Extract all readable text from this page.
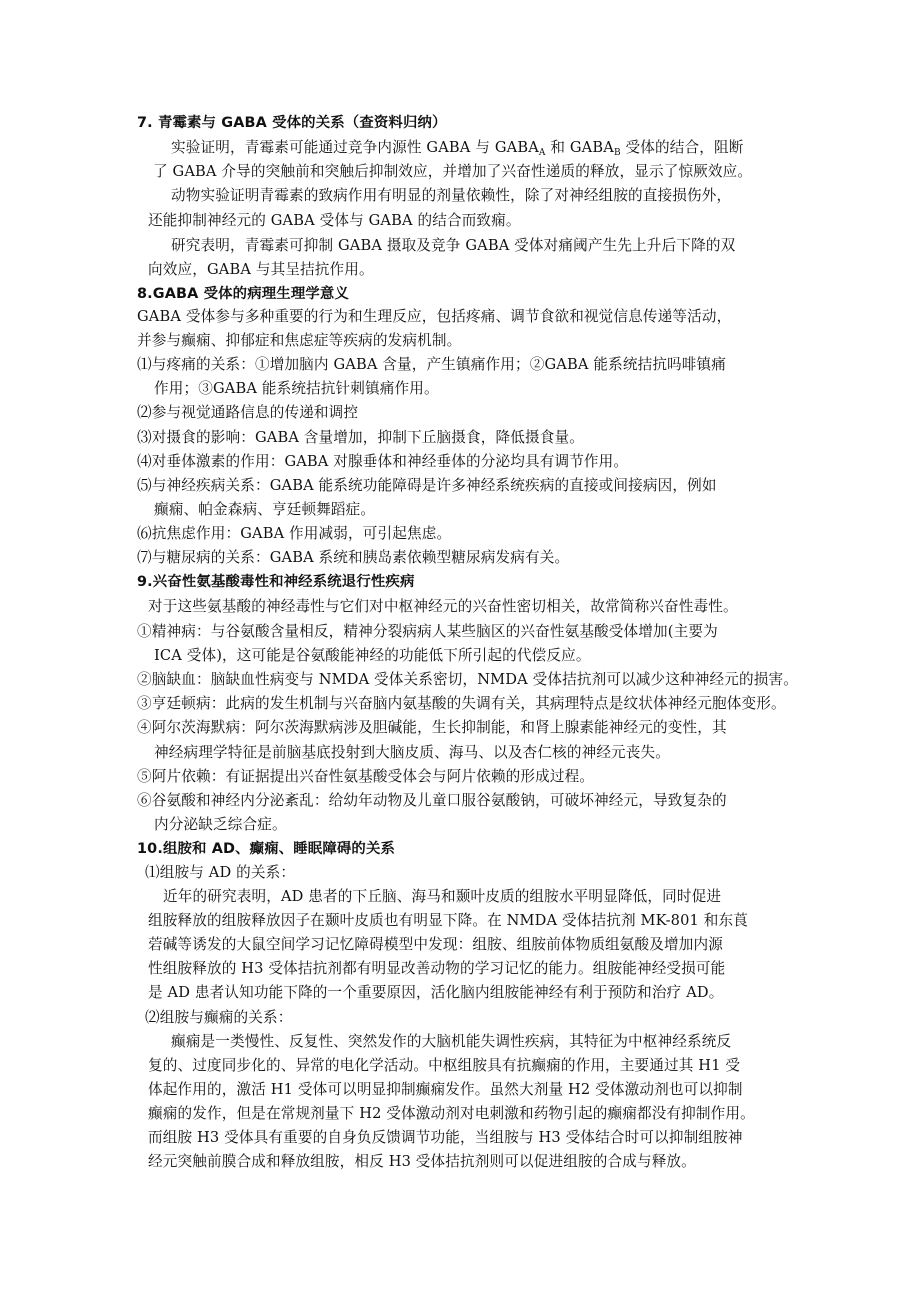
7. 青霉素与 GABA 受体的关系（查资料归纳）
实验证明，青霉素可能通过竞争内源性 GABA 与 $GABA_A$ 和 $GABA_B$ 受体的结合，阻断
了 GABA 介导的突触前和突触后抑制效应，并增加了兴奋性递质的释放，显示了惊厥效应。
动物实验证明青霉素的致病作用有明显的剂量依赖性，除了对神经组胺的直接损伤外，
还能抑制神经元的 GABA 受体与 GABA 的结合而致痫。
研究表明，青霉素可抑制 GABA 摄取及竞争 GABA 受体对痛阈产生先上升后下降的双
向效应，GABA 与其呈拮抗作用。
8.GABA 受体的病理生理学意义
GABA 受体参与多种重要的行为和生理反应，包括疼痛、调节食欲和视觉信息传递等活动，
并参与癫痫、抑郁症和焦虑症等疾病的发病机制。
⑴与疼痛的关系：①增加脑内 GABA 含量，产生镇痛作用；②GABA 能系统拮抗吗啡镇痛
作用；③GABA 能系统拮抗针刺镇痛作用。
⑵参与视觉通路信息的传递和调控
⑶对摄食的影响：GABA 含量增加，抑制下丘脑摄食，降低摄食量。
⑷对垂体激素的作用：GABA 对腺垂体和神经垂体的分泌均具有调节作用。
⑸与神经疾病关系：GABA 能系统功能障碍是许多神经系统疾病的直接或间接病因，例如
癫痫、帕金森病、亨廷顿舞蹈症。
⑹抗焦虑作用：GABA 作用减弱，可引起焦虑。
⑺与糖尿病的关系：GABA 系统和胰岛素依赖型糖尿病发病有关。
9.兴奋性氨基酸毒性和神经系统退行性疾病
对于这些氨基酸的神经毒性与它们对中枢神经元的兴奋性密切相关，故常简称兴奋性毒性。
①精神病：与谷氨酸含量相反，精神分裂病病人某些脑区的兴奋性氨基酸受体增加(主要为
ICA 受体)，这可能是谷氨酸能神经的功能低下所引起的代偿反应。
②脑缺血：脑缺血性病变与 NMDA 受体关系密切，NMDA 受体拮抗剂可以减少这种神经元的损害。
③亨廷顿病：此病的发生机制与兴奋脑内氨基酸的失调有关，其病理特点是纹状体神经元胞体变形。
④阿尔茨海默病：阿尔茨海默病涉及胆碱能，生长抑制能，和肾上腺素能神经元的变性，其
神经病理学特征是前脑基底投射到大脑皮质、海马、以及杏仁核的神经元丧失。
⑤阿片依赖：有证据提出兴奋性氨基酸受体会与阿片依赖的形成过程。
⑥谷氨酸和神经内分泌紊乱：给幼年动物及儿童口服谷氨酸钠，可破坏神经元，导致复杂的
内分泌缺乏综合症。
10.组胺和 AD、癫痫、睡眠障碍的关系
⑴组胺与 AD 的关系：
近年的研究表明，AD 患者的下丘脑、海马和颞叶皮质的组胺水平明显降低，同时促进
组胺释放的组胺释放因子在颞叶皮质也有明显下降。在 NMDA 受体拮抗剂 MK-801 和东莨
菪碱等诱发的大鼠空间学习记忆障碍模型中发现：组胺、组胺前体物质组氨酸及增加内源
性组胺释放的 H3 受体拮抗剂都有明显改善动物的学习记忆的能力。组胺能神经受损可能
是 AD 患者认知功能下降的一个重要原因，活化脑内组胺能神经有利于预防和治疗 AD。
⑵组胺与癫痫的关系：
癫痫是一类慢性、反复性、突然发作的大脑机能失调性疾病，其特征为中枢神经系统反
复的、过度同步化的、异常的电化学活动。中枢组胺具有抗癫痫的作用，主要通过其 H1 受
体起作用的，激活 H1 受体可以明显抑制癫痫发作。虽然大剂量 H2 受体激动剂也可以抑制
癫痫的发作，但是在常规剂量下 H2 受体激动剂对电刺激和药物引起的癫痫都没有抑制作用。
而组胺 H3 受体具有重要的自身负反馈调节功能，当组胺与 H3 受体结合时可以抑制组胺神
经元突触前膜合成和释放组胺，相反 H3 受体拮抗剂则可以促进组胺的合成与释放。
